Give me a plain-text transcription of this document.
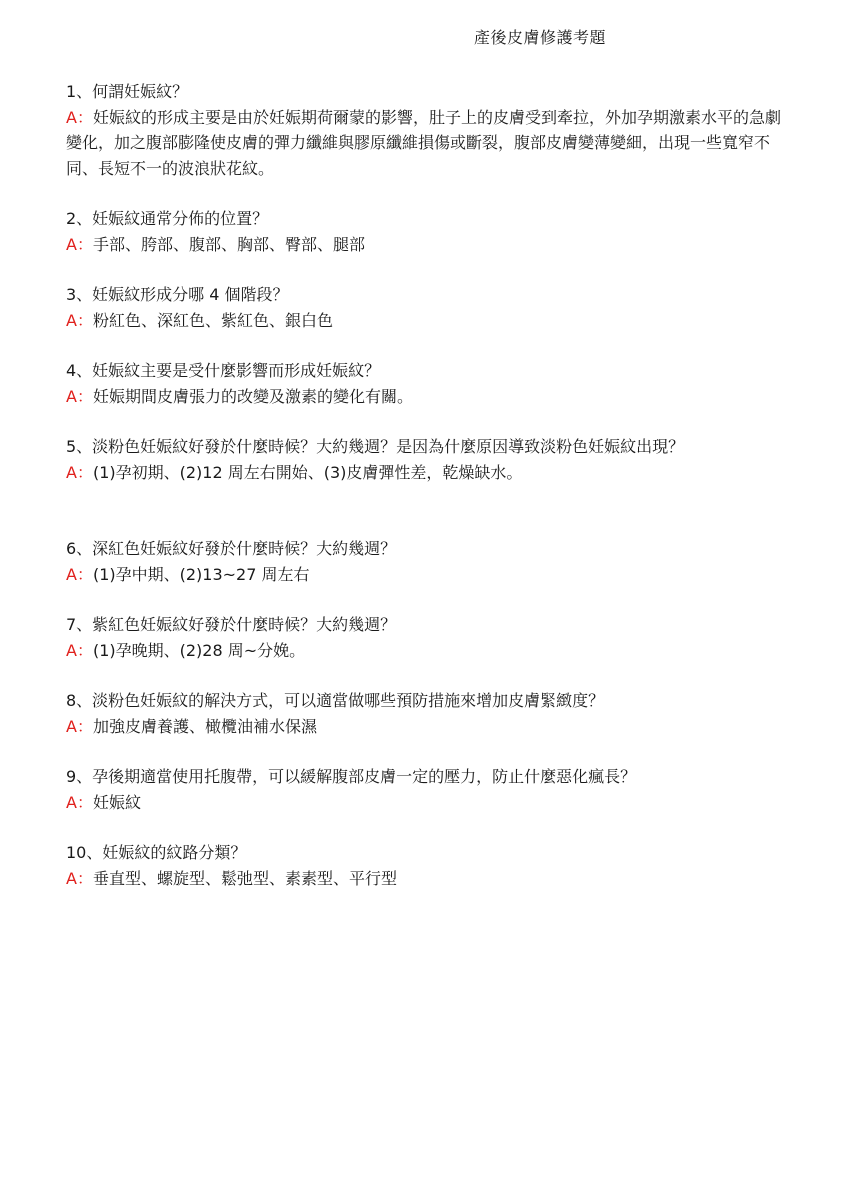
產後皮膚修護考題

1、何謂妊娠紋？

A：妊娠紋的形成主要是由於妊娠期荷爾蒙的影響，肚子上的皮膚受到牽拉，外加孕期激素水平的急劇變化，加之腹部膨隆使皮膚的彈力纖維與膠原纖維損傷或斷裂，腹部皮膚變薄變細，出現一些寬窄不同、長短不一的波浪狀花紋。

2、妊娠紋通常分佈的位置？

A：手部、胯部、腹部、胸部、臀部、腿部

3、妊娠紋形成分哪 4 個階段？

A：粉紅色、深紅色、紫紅色、銀白色

4、妊娠紋主要是受什麼影響而形成妊娠紋？

A：妊娠期間皮膚張力的改變及激素的變化有關。

5、淡粉色妊娠紋好發於什麼時候？大約幾週？是因為什麼原因導致淡粉色妊娠紋出現？

A：(1)孕初期、(2)12 周左右開始、(3)皮膚彈性差，乾燥缺水。

6、深紅色妊娠紋好發於什麼時候？大約幾週？

A：(1)孕中期、(2)13~27 周左右

7、紫紅色妊娠紋好發於什麼時候？大約幾週？

A：(1)孕晚期、(2)28 周~分娩。

8、淡粉色妊娠紋的解決方式，可以適當做哪些預防措施來增加皮膚緊緻度？

A：加強皮膚養護、橄欖油補水保濕

9、孕後期適當使用托腹帶，可以緩解腹部皮膚一定的壓力，防止什麼惡化瘋長？

A：妊娠紋

10、妊娠紋的紋路分類？

A：垂直型、螺旋型、鬆弛型、素素型、平行型
